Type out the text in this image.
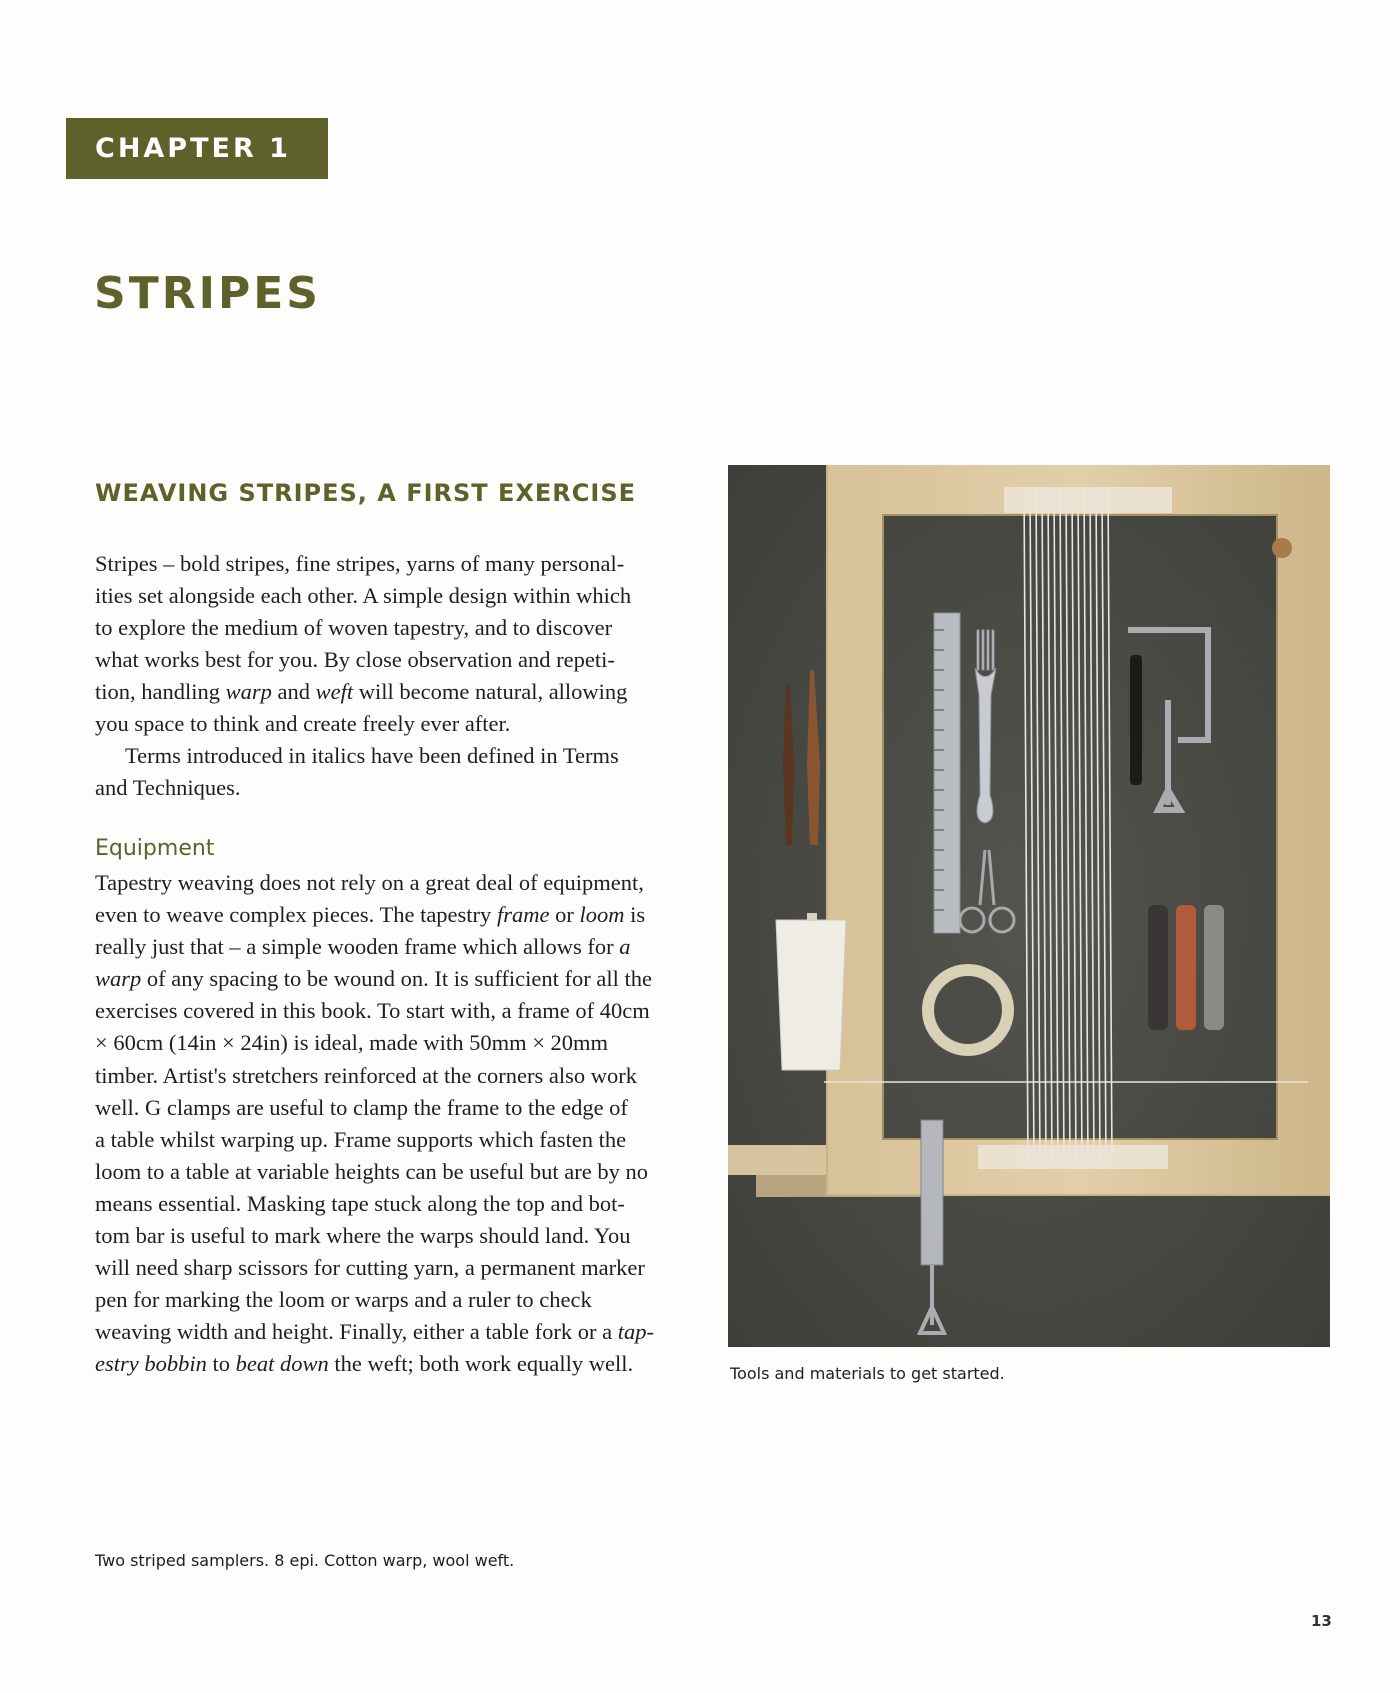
CHAPTER 1
STRIPES
WEAVING STRIPES, A FIRST EXERCISE
Stripes – bold stripes, fine stripes, yarns of many personal-
ities set alongside each other. A simple design within which
to explore the medium of woven tapestry, and to discover
what works best for you. By close observation and repeti-
tion, handling warp and weft will become natural, allowing
you space to think and create freely ever after.
Terms introduced in italics have been defined in Terms
and Techniques.
Equipment
Tapestry weaving does not rely on a great deal of equipment,
even to weave complex pieces. The tapestry frame or loom is
really just that – a simple wooden frame which allows for a
warp of any spacing to be wound on. It is sufficient for all the
exercises covered in this book. To start with, a frame of 40cm
× 60cm (14in × 24in) is ideal, made with 50mm × 20mm
timber. Artist's stretchers reinforced at the corners also work
well. G clamps are useful to clamp the frame to the edge of
a table whilst warping up. Frame supports which fasten the
loom to a table at variable heights can be useful but are by no
means essential. Masking tape stuck along the top and bot-
tom bar is useful to mark where the warps should land. You
will need sharp scissors for cutting yarn, a permanent marker
pen for marking the loom or warps and a ruler to check
weaving width and height. Finally, either a table fork or a tap-
estry bobbin to beat down the weft; both work equally well.	Tools and materials to get started.
Two striped samplers. 8 epi. Cotton warp, wool weft.
13
